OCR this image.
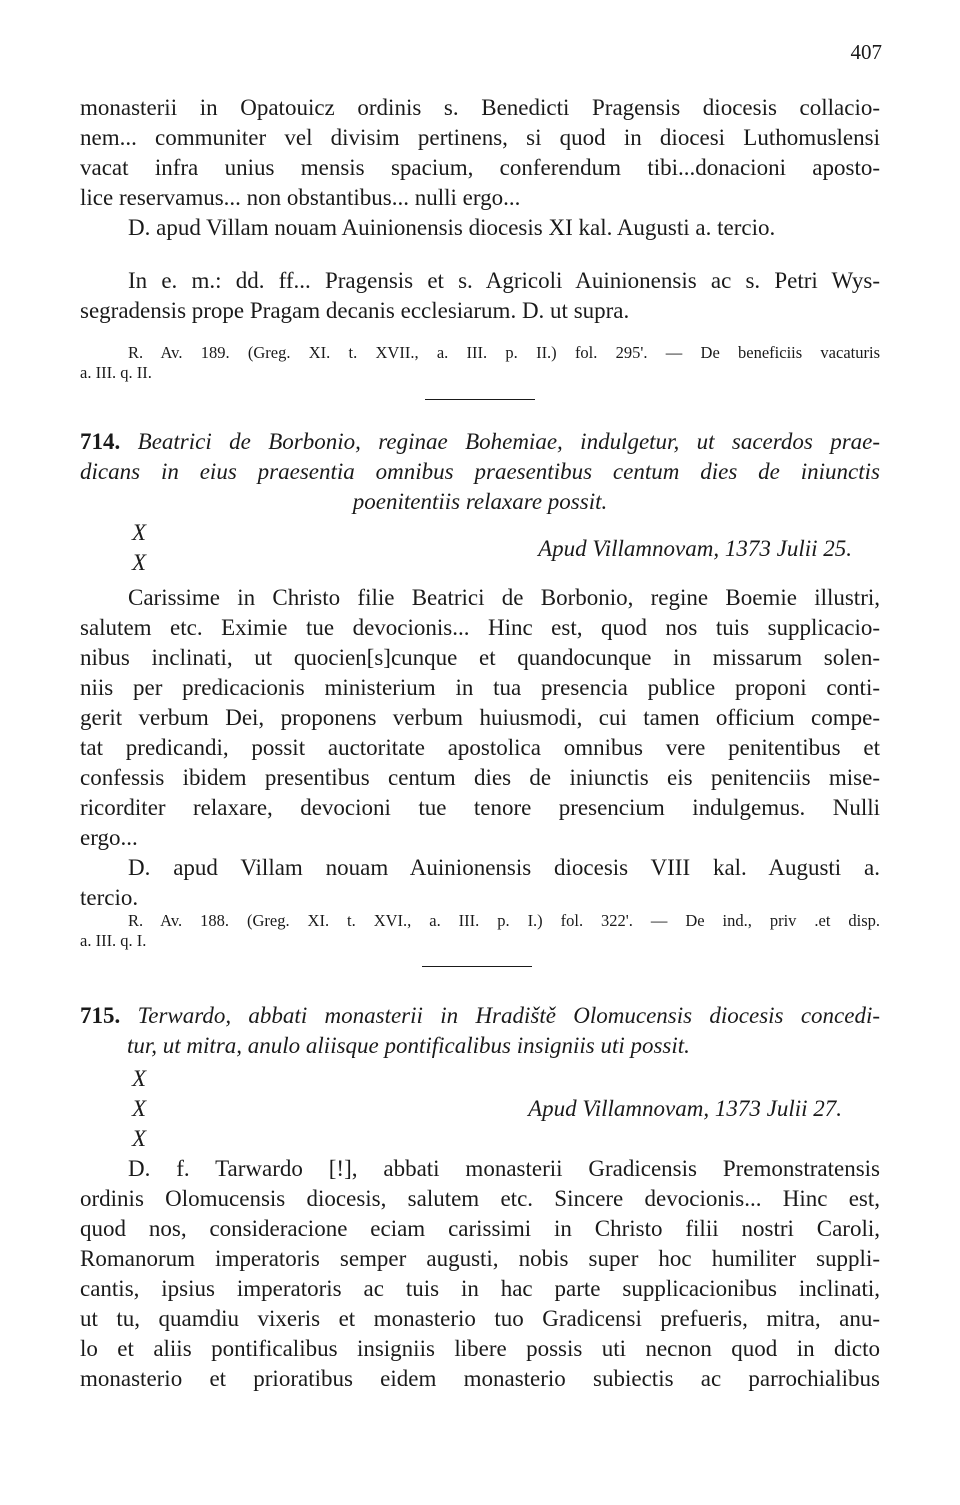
407
monasterii in Opatouicz ordinis s. Benedicti Pragensis diocesis collacio-
nem... communiter vel divisim pertinens, si quod in diocesi Luthomuslensi
vacat infra unius mensis spacium, conferendum tibi...donacioni aposto-
lice reservamus... non obstantibus... nulli ergo...
D. apud Villam nouam Auinionensis diocesis XI kal. Augusti a. tercio.
In e. m.: dd. ff... Pragensis et s. Agricoli Auinionensis ac s. Petri Wys-
segradensis prope Pragam decanis ecclesiarum. D. ut supra.
R. Av. 189. (Greg. XI. t. XVII., a. III. p. II.) fol. 295'. — De beneficiis vacaturis
a. III. q. II.
714. Beatrici de Borbonio, reginae Bohemiae, indulgetur, ut sacerdos prae-
dicans in eius praesentia omnibus praesentibus centum dies de iniunctis
poenitentiis relaxare possit.
X
X
Apud Villamnovam, 1373 Julii 25.
Carissime in Christo filie Beatrici de Borbonio, regine Boemie illustri,
salutem etc. Eximie tue devocionis... Hinc est, quod nos tuis supplicacio-
nibus inclinati, ut quocien[s]cunque et quandocunque in missarum solen-
niis per predicacionis ministerium in tua presencia publice proponi conti-
gerit verbum Dei, proponens verbum huiusmodi, cui tamen officium compe-
tat predicandi, possit auctoritate apostolica omnibus vere penitentibus et
confessis ibidem presentibus centum dies de iniunctis eis penitenciis mise-
ricorditer relaxare, devocioni tue tenore presencium indulgemus. Nulli
ergo...
D. apud Villam nouam Auinionensis diocesis VIII kal. Augusti a.
tercio.
R. Av. 188. (Greg. XI. t. XVI., a. III. p. I.) fol. 322'. — De ind., priv .et disp.
a. III. q. I.
715. Terwardo, abbati monasterii in Hradiště Olomucensis diocesis concedi-
tur, ut mitra, anulo aliisque pontificalibus insigniis uti possit.
X
X	Apud Villamnovam, 1373 Julii 27.
X
D. f. Tarwardo [!], abbati monasterii Gradicensis Premonstratensis
ordinis Olomucensis diocesis, salutem etc. Sincere devocionis... Hinc est,
quod nos, consideracione eciam carissimi in Christo filii nostri Caroli,
Romanorum imperatoris semper augusti, nobis super hoc humiliter suppli-
cantis, ipsius imperatoris ac tuis in hac parte supplicacionibus inclinati,
ut tu, quamdiu vixeris et monasterio tuo Gradicensi prefueris, mitra, anu-
lo et aliis pontificalibus insigniis libere possis uti necnon quod in dicto
monasterio et prioratibus eidem monasterio subiectis ac parrochialibus
